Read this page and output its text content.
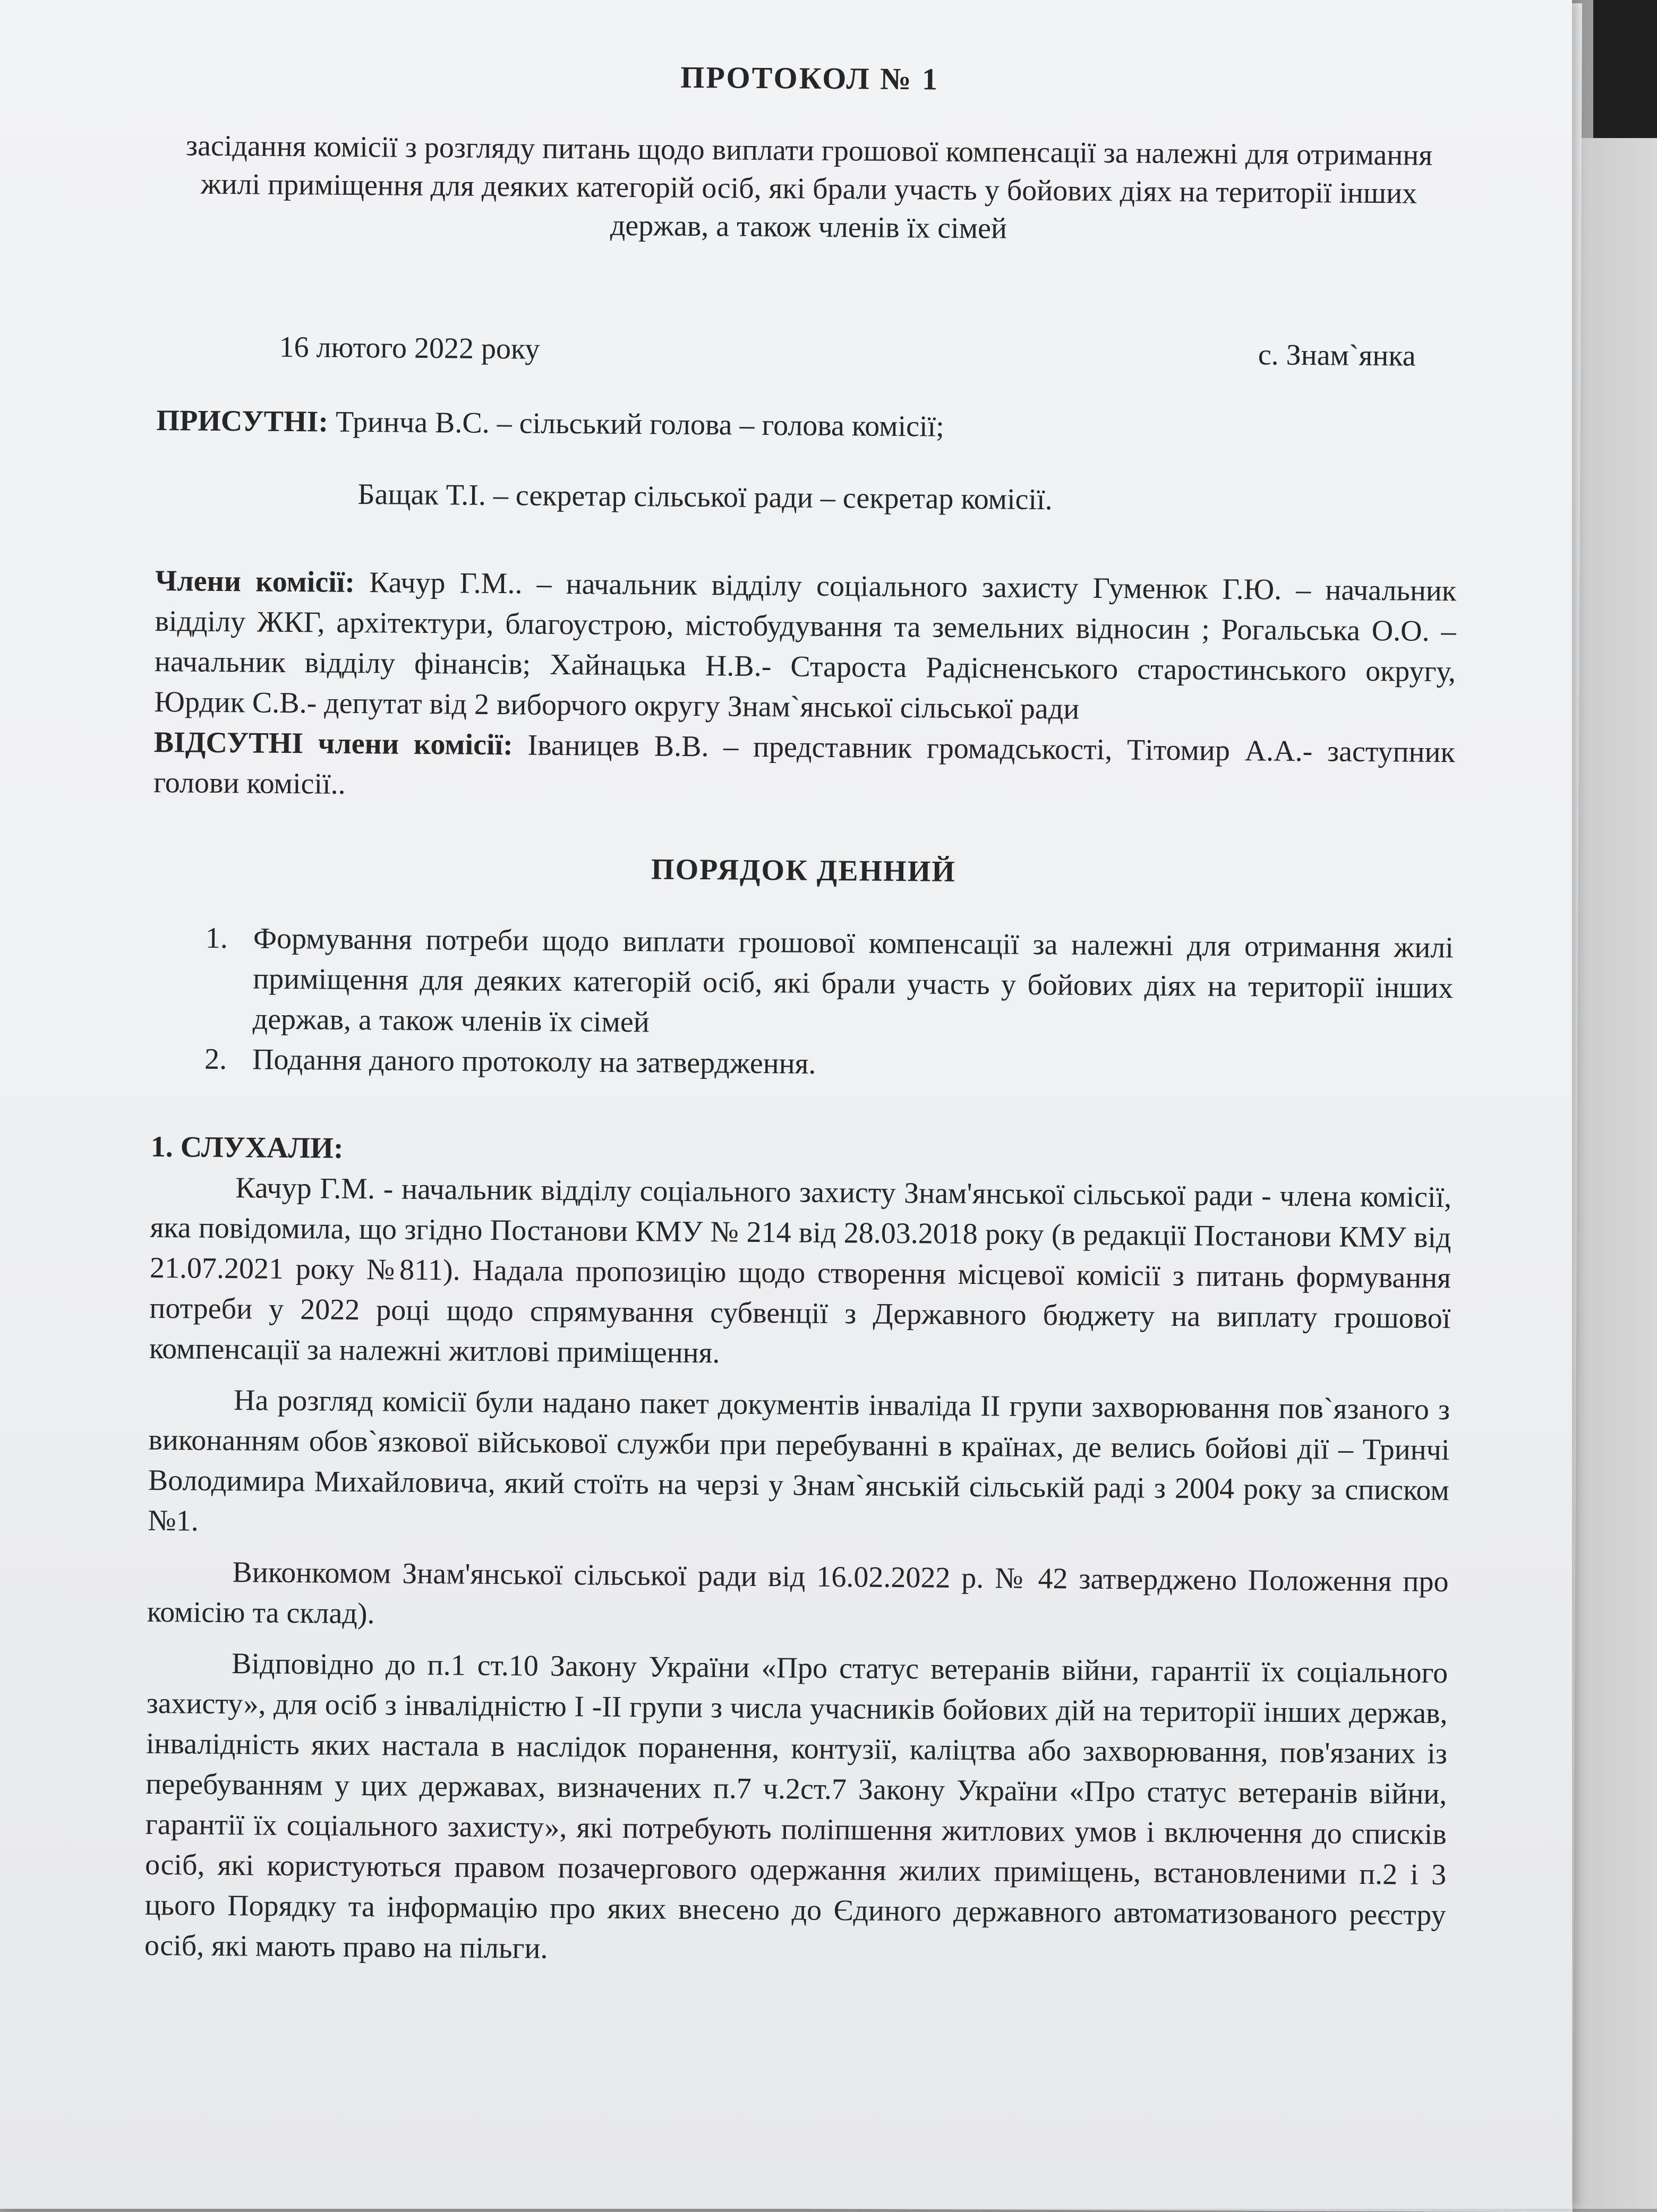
ПРОТОКОЛ № 1

засідання комісії з розгляду питань щодо виплати грошової компенсації за належні для отримання жилі приміщення для деяких категорій осіб, які брали участь у бойових діях на території інших держав, а також членів їх сімей

16 лютого 2022 року	с. Знам`янка
ПРИСУТНІ: Тринча В.С. – сільський голова – голова комісії;
Бащак Т.І. – секретар сільської ради – секретар комісії.
Члени комісії: Качур Г.М.. – начальник відділу соціального захисту Гуменюк Г.Ю. – начальник відділу ЖКГ, архітектури, благоустрою, містобудування та земельних відносин ; Рогальська О.О. – начальник відділу фінансів; Хайнацька Н.В.- Староста Радісненського старостинського округу, Юрдик С.В.- депутат від 2 виборчого округу Знам`янської сільської ради
ВІДСУТНІ члени комісії: Іваницев В.В. – представник громадськості, Тітомир А.А.- заступник голови комісії..
ПОРЯДОК ДЕННИЙ
1. Формування потреби щодо виплати грошової компенсації за належні для отримання жилі приміщення для деяких категорій осіб, які брали участь у бойових діях на території інших держав, а також членів їх сімей
2. Подання даного протоколу на затвердження.
1. СЛУХАЛИ:

Качур Г.М. - начальник відділу соціального захисту Знам'янської сільської ради - члена комісії, яка повідомила, що згідно Постанови КМУ № 214 від 28.03.2018 року (в редакції Постанови КМУ від 21.07.2021 року №811). Надала пропозицію щодо створення місцевої комісії з питань формування потреби у 2022 році щодо спрямування субвенції з Державного бюджету на виплату грошової компенсації за належні житлові приміщення.

На розгляд комісії були надано пакет документів інваліда ІІ групи захворювання пов`язаного з виконанням обов`язкової військової служби при перебуванні в країнах, де велись бойові дії – Тринчі Володимира Михайловича, який стоїть на черзі у Знам`янській сільській раді з 2004 року за списком №1.

Виконкомом Знам'янської сільської ради від 16.02.2022 р. № 42 затверджено Положення про комісію та склад).

Відповідно до п.1 ст.10 Закону України «Про статус ветеранів війни, гарантії їх соціального захисту», для осіб з інвалідністю І -ІІ групи з числа учасників бойових дій на території інших держав, інвалідність яких настала в наслідок поранення, контузії, каліцтва або захворювання, пов'язаних із перебуванням у цих державах, визначених п.7 ч.2ст.7 Закону України «Про статус ветеранів війни, гарантії їх соціального захисту», які потребують поліпшення житлових умов і включення до списків осіб, які користуються правом позачергового одержання жилих приміщень, встановленими п.2 і 3 цього Порядку та інформацію про яких внесено до Єдиного державного автоматизованого реєстру осіб, які мають право на пільги.
